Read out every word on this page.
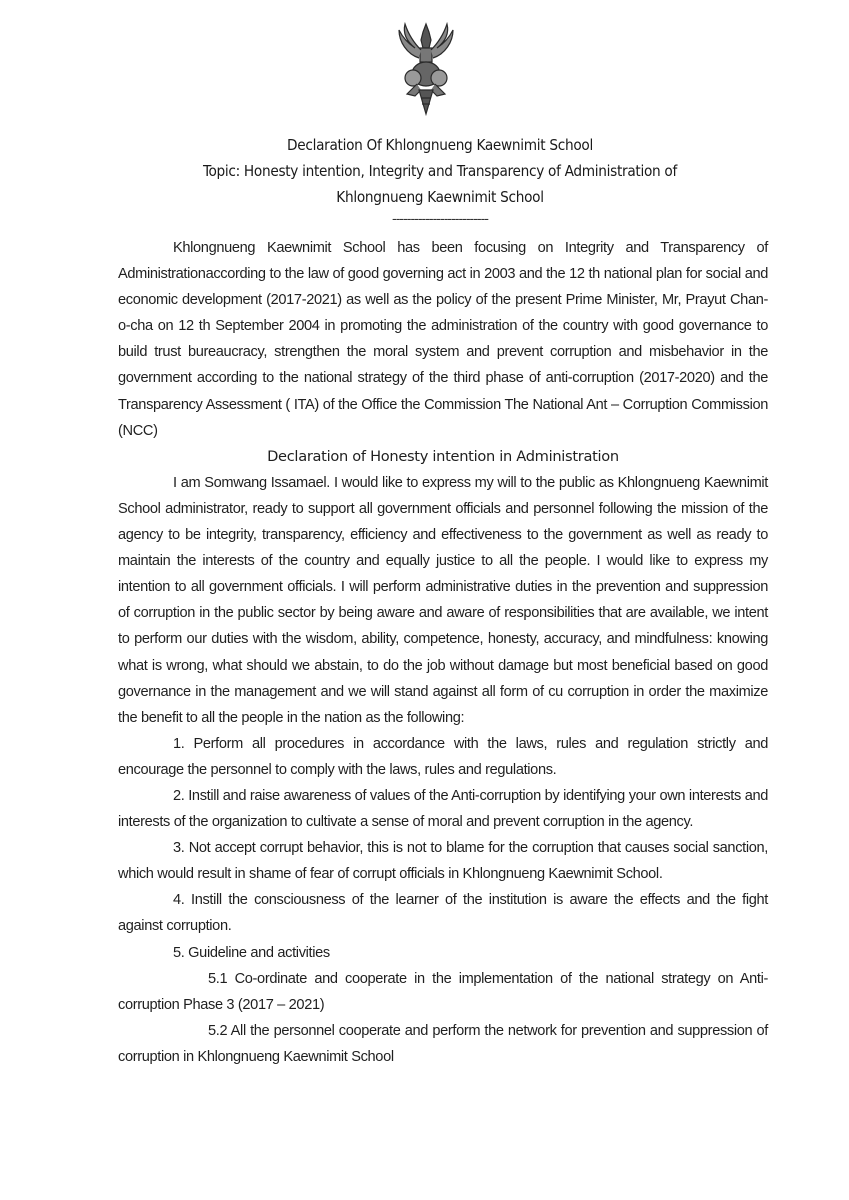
Declaration Of Khlongnueng Kaewnimit School
Topic: Honesty intention, Integrity and Transparency of Administration of
Khlongnueng Kaewnimit School
--------------------------

Khlongnueng Kaewnimit School has been focusing on Integrity and Transparency of Administrationaccording to the law of good governing act in 2003 and the 12 th national plan for social and economic development (2017-2021) as well as the policy of the present Prime Minister, Mr, Prayut Chan-o-cha on 12 th September 2004 in promoting the administration of the country with good governance to build trust bureaucracy, strengthen the moral system and prevent corruption and misbehavior in the government according to the national strategy of the third phase of anti-corruption (2017-2020) and the Transparency Assessment ( ITA) of the Office the Commission The National Ant – Corruption Commission (NCC)

Declaration of Honesty intention in Administration

I am Somwang Issamael. I would like to express my will to the public as Khlongnueng Kaewnimit School administrator, ready to support all government officials and personnel following the mission of the agency to be integrity, transparency, efficiency and effectiveness to the government as well as ready to maintain the interests of the country and equally justice to all the people. I would like to express my intention to all government officials. I will perform administrative duties in the prevention and suppression of corruption in the public sector by being aware and aware of responsibilities that are available, we intent to perform our duties with the wisdom, ability, competence, honesty, accuracy, and mindfulness: knowing what is wrong, what should we abstain, to do the job without damage but most beneficial based on good governance in the management and we will stand against all form of cu corruption in order the maximize the benefit to all the people in the nation as the following:

1. Perform all procedures in accordance with the laws, rules and regulation strictly and encourage the personnel to comply with the laws, rules and regulations.

2. Instill and raise awareness of values of the Anti-corruption by identifying your own interests and interests of the organization to cultivate a sense of moral and prevent corruption in the agency.

3. Not accept corrupt behavior, this is not to blame for the corruption that causes social sanction, which would result in shame of fear of corrupt officials in Khlongnueng Kaewnimit School.

4. Instill the consciousness of the learner of the institution is aware the effects and the fight against corruption.

5. Guideline and activities

5.1 Co-ordinate and cooperate in the implementation of the national strategy on Anti-corruption Phase 3 (2017 – 2021)

5.2 All the personnel cooperate and perform the network for prevention and suppression of corruption in Khlongnueng Kaewnimit School
